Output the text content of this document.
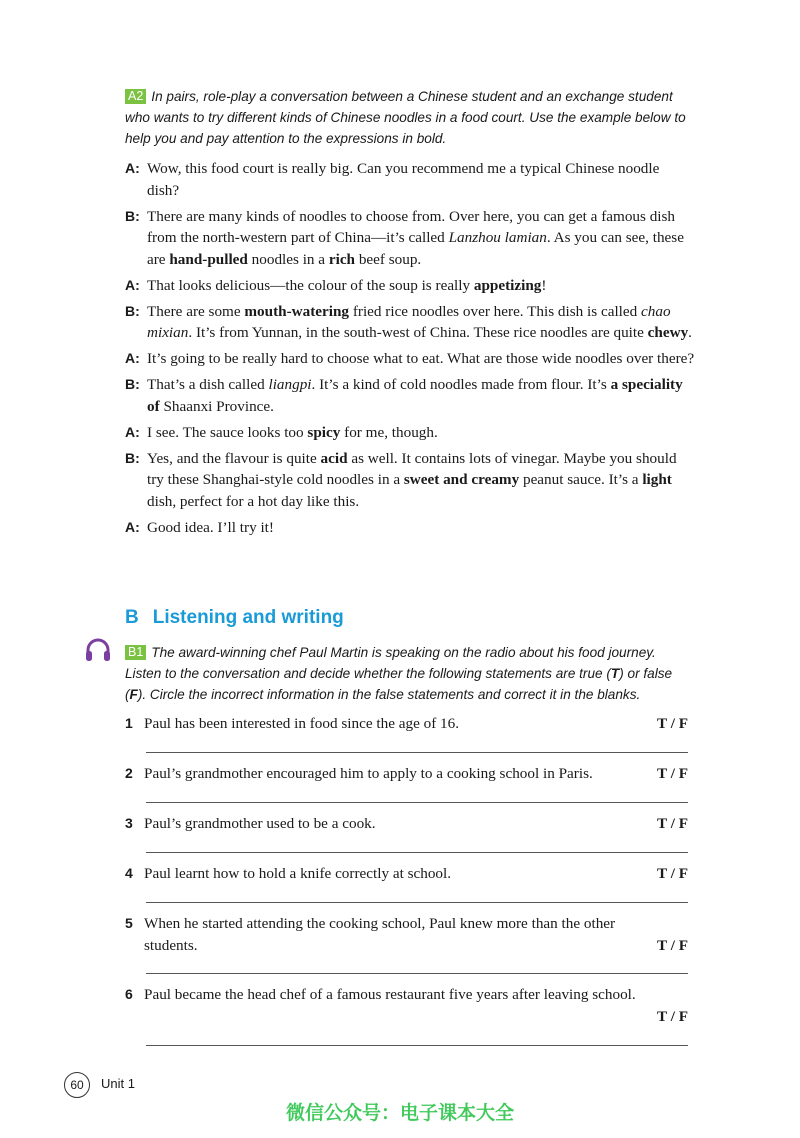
A2 In pairs, role-play a conversation between a Chinese student and an exchange student who wants to try different kinds of Chinese noodles in a food court. Use the example below to help you and pay attention to the expressions in bold.
A: Wow, this food court is really big. Can you recommend me a typical Chinese noodle dish?
B: There are many kinds of noodles to choose from. Over here, you can get a famous dish from the north-western part of China—it’s called Lanzhou lamian. As you can see, these are hand-pulled noodles in a rich beef soup.
A: That looks delicious—the colour of the soup is really appetizing!
B: There are some mouth-watering fried rice noodles over here. This dish is called chao mixian. It’s from Yunnan, in the south-west of China. These rice noodles are quite chewy.
A: It’s going to be really hard to choose what to eat. What are those wide noodles over there?
B: That’s a dish called liangpi. It’s a kind of cold noodles made from flour. It’s a speciality of Shaanxi Province.
A: I see. The sauce looks too spicy for me, though.
B: Yes, and the flavour is quite acid as well. It contains lots of vinegar. Maybe you should try these Shanghai-style cold noodles in a sweet and creamy peanut sauce. It’s a light dish, perfect for a hot day like this.
A: Good idea. I’ll try it!
B Listening and writing
B1 The award-winning chef Paul Martin is speaking on the radio about his food journey. Listen to the conversation and decide whether the following statements are true (T) or false (F). Circle the incorrect information in the false statements and correct it in the blanks.
1 Paul has been interested in food since the age of 16.	T / F
2 Paul’s grandmother encouraged him to apply to a cooking school in Paris.	T / F
3 Paul’s grandmother used to be a cook.	T / F
4 Paul learnt how to hold a knife correctly at school.	T / F
5 When he started attending the cooking school, Paul knew more than the other students.	T / F
6 Paul became the head chef of a famous restaurant five years after leaving school.
T / F
60	Unit 1
微信公众号：电子课本大全
